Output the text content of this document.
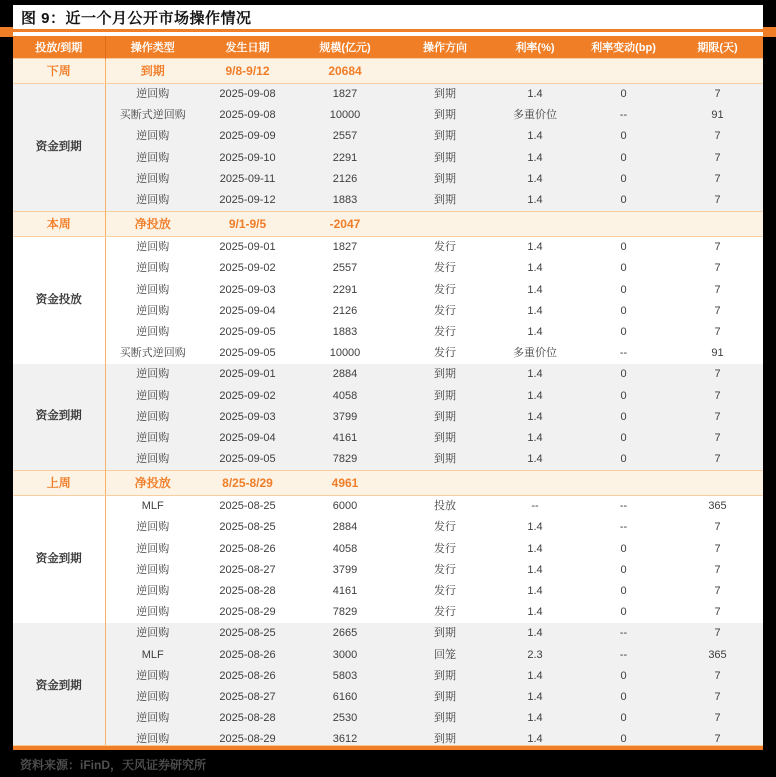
图 9：近一个月公开市场操作情况
投放/到期	操作类型	发生日期	规模(亿元)	操作方向	利率(%)	利率变动(bp)	期限(天)
下周	到期	9/8-9/12	20684				
资金到期	逆回购	2025-09-08	1827	到期	1.4	0	7
	买断式逆回购	2025-09-08	10000	到期	多重价位	--	91
	逆回购	2025-09-09	2557	到期	1.4	0	7
	逆回购	2025-09-10	2291	到期	1.4	0	7
	逆回购	2025-09-11	2126	到期	1.4	0	7
	逆回购	2025-09-12	1883	到期	1.4	0	7
本周	净投放	9/1-9/5	-2047				
资金投放	逆回购	2025-09-01	1827	发行	1.4	0	7
	逆回购	2025-09-02	2557	发行	1.4	0	7
	逆回购	2025-09-03	2291	发行	1.4	0	7
	逆回购	2025-09-04	2126	发行	1.4	0	7
	逆回购	2025-09-05	1883	发行	1.4	0	7
	买断式逆回购	2025-09-05	10000	发行	多重价位	--	91
资金到期	逆回购	2025-09-01	2884	到期	1.4	0	7
	逆回购	2025-09-02	4058	到期	1.4	0	7
	逆回购	2025-09-03	3799	到期	1.4	0	7
	逆回购	2025-09-04	4161	到期	1.4	0	7
	逆回购	2025-09-05	7829	到期	1.4	0	7
上周	净投放	8/25-8/29	4961				
资金到期	MLF	2025-08-25	6000	投放	--	--	365
	逆回购	2025-08-25	2884	发行	1.4	--	7
	逆回购	2025-08-26	4058	发行	1.4	0	7
	逆回购	2025-08-27	3799	发行	1.4	0	7
	逆回购	2025-08-28	4161	发行	1.4	0	7
	逆回购	2025-08-29	7829	发行	1.4	0	7
资金到期	逆回购	2025-08-25	2665	到期	1.4	--	7
	MLF	2025-08-26	3000	回笼	2.3	--	365
	逆回购	2025-08-26	5803	到期	1.4	0	7
	逆回购	2025-08-27	6160	到期	1.4	0	7
	逆回购	2025-08-28	2530	到期	1.4	0	7
	逆回购	2025-08-29	3612	到期	1.4	0	7
资料来源：iFinD，天风证券研究所
